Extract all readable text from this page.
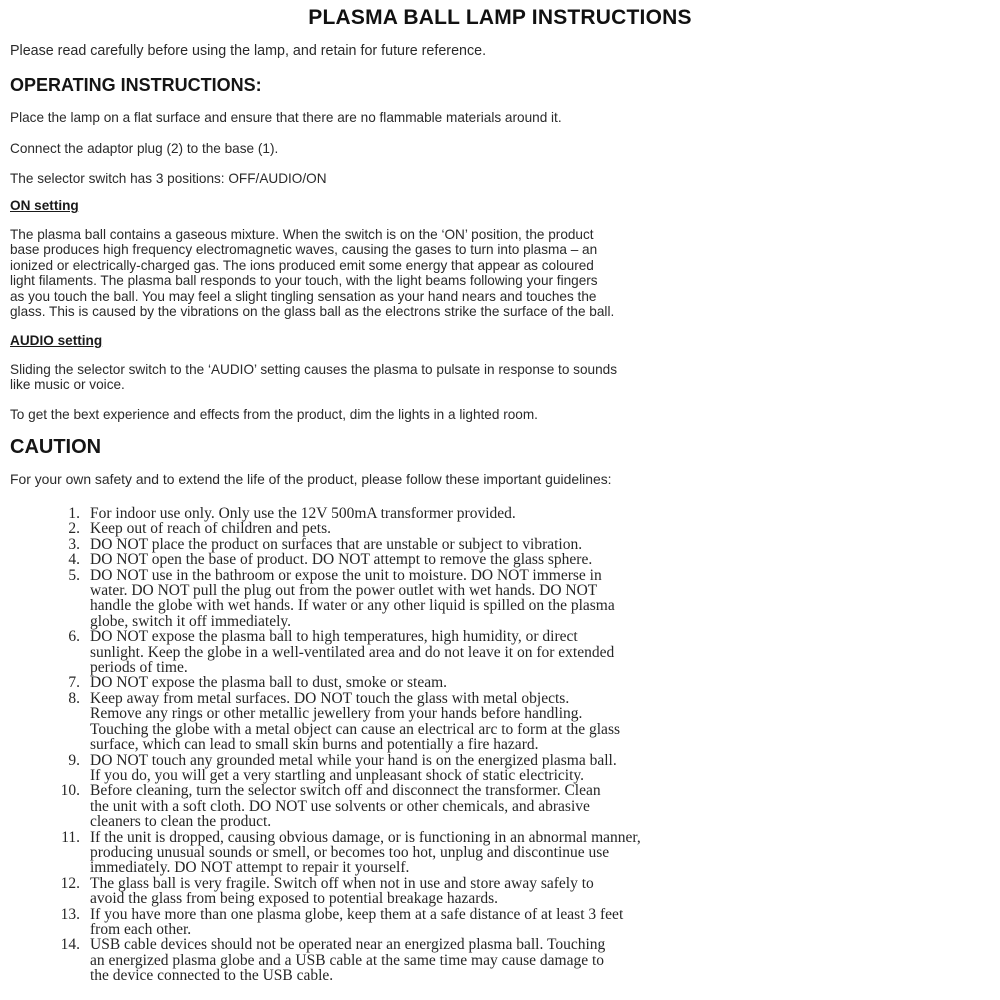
PLASMA BALL LAMP INSTRUCTIONS
Please read carefully before using the lamp, and retain for future reference.
OPERATING INSTRUCTIONS:
Place the lamp on a flat surface and ensure that there are no flammable materials around it.
Connect the adaptor plug (2) to the base (1).
The selector switch has 3 positions: OFF/AUDIO/ON
ON setting
The plasma ball contains a gaseous mixture. When the switch is on the ‘ON’ position, the product
base produces high frequency electromagnetic waves, causing the gases to turn into plasma – an
ionized or electrically-charged gas. The ions produced emit some energy that appear as coloured
light filaments. The plasma ball responds to your touch, with the light beams following your fingers
as you touch the ball. You may feel a slight tingling sensation as your hand nears and touches the
glass. This is caused by the vibrations on the glass ball as the electrons strike the surface of the ball.
AUDIO setting
Sliding the selector switch to the ‘AUDIO’ setting causes the plasma to pulsate in response to sounds
like music or voice.
To get the bext experience and effects from the product, dim the lights in a lighted room.
CAUTION
For your own safety and to extend the life of the product, please follow these important guidelines:
1. For indoor use only. Only use the 12V 500mA transformer provided.
2. Keep out of reach of children and pets.
3. DO NOT place the product on surfaces that are unstable or subject to vibration.
4. DO NOT open the base of product. DO NOT attempt to remove the glass sphere.
5. DO NOT use in the bathroom or expose the unit to moisture. DO NOT immerse in
water. DO NOT pull the plug out from the power outlet with wet hands. DO NOT
handle the globe with wet hands. If water or any other liquid is spilled on the plasma
globe, switch it off immediately.
6. DO NOT expose the plasma ball to high temperatures, high humidity, or direct
sunlight. Keep the globe in a well-ventilated area and do not leave it on for extended
periods of time.
7. DO NOT expose the plasma ball to dust, smoke or steam.
8. Keep away from metal surfaces. DO NOT touch the glass with metal objects.
Remove any rings or other metallic jewellery from your hands before handling.
Touching the globe with a metal object can cause an electrical arc to form at the glass
surface, which can lead to small skin burns and potentially a fire hazard.
9. DO NOT touch any grounded metal while your hand is on the energized plasma ball.
If you do, you will get a very startling and unpleasant shock of static electricity.
10. Before cleaning, turn the selector switch off and disconnect the transformer. Clean
the unit with a soft cloth. DO NOT use solvents or other chemicals, and abrasive
cleaners to clean the product.
11. If the unit is dropped, causing obvious damage, or is functioning in an abnormal manner,
producing unusual sounds or smell, or becomes too hot, unplug and discontinue use
immediately. DO NOT attempt to repair it yourself.
12. The glass ball is very fragile. Switch off when not in use and store away safely to
avoid the glass from being exposed to potential breakage hazards.
13. If you have more than one plasma globe, keep them at a safe distance of at least 3 feet
from each other.
14. USB cable devices should not be operated near an energized plasma ball. Touching
an energized plasma globe and a USB cable at the same time may cause damage to
the device connected to the USB cable.
